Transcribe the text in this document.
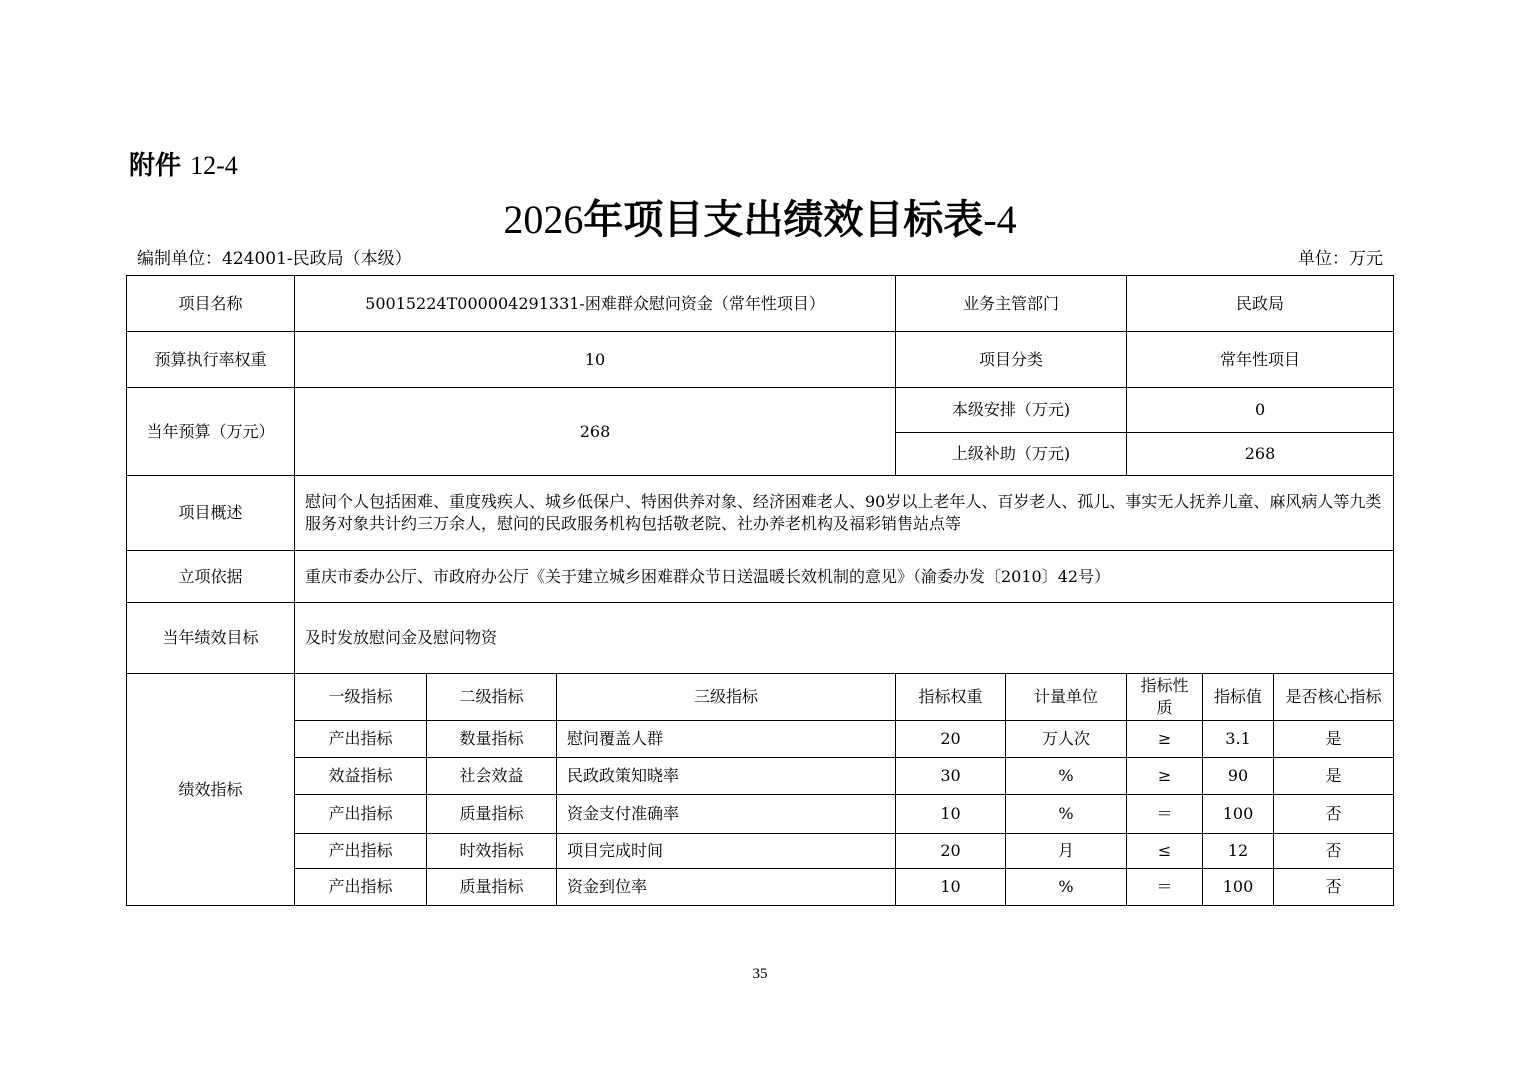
附件 12-4
2026年项目支出绩效目标表-4
编制单位：424001-民政局（本级）	单位：万元
项目名称	50015224T000004291331-困难群众慰问资金（常年性项目）			业务主管部门		民政局		
预算执行率权重	10			项目分类		常年性项目		
当年预算（万元）	268			本级安排（万元)		0		
				上级补助（万元)		268		
项目概述	慰问个人包括困难、重度残疾人、城乡低保户、特困供养对象、经济困难老人、90岁以上老年人、百岁老人、孤儿、事实无人抚养儿童、麻风病人等九类服务对象共计约三万余人，慰问的民政服务机构包括敬老院、社办养老机构及福彩销售站点等							
立项依据	重庆市委办公厅、市政府办公厅《关于建立城乡困难群众节日送温暖长效机制的意见》（渝委办发〔2010〕42号）							
当年绩效目标	及时发放慰问金及慰问物资							
绩效指标	一级指标	二级指标	三级指标	指标权重	计量单位	指标性质	指标值	是否核心指标
	产出指标	数量指标	慰问覆盖人群	20	万人次	≥	3.1	是
	效益指标	社会效益	民政政策知晓率	30	%	≥	90	是
	产出指标	质量指标	资金支付准确率	10	%	＝	100	否
	产出指标	时效指标	项目完成时间	20	月	≤	12	否
	产出指标	质量指标	资金到位率	10	%	＝	100	否
35
